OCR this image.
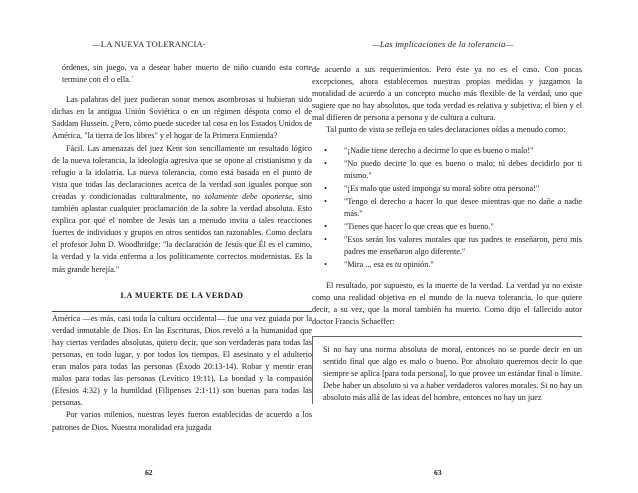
—LA NUEVA TOLERANCIA-

órdenes, sin juego, va a desear haber muerto de niño cuando esta corte termine con él o ella.´

Las palabras del juez pudieran sonar menos asombrosas si hubieran sido dichas en la antigua Unión Soviética o en un régimen déspota como el de Saddam Hussein. ¿Pero, cómo puede suceder tal cosa en los Estados Unidos de América, "la tierra de los libres" y el hogar de la Primera Enmienda?

Fácil. Las amenazas del juez Kent son sencillamente un resultado lógico de la nueva tolerancia, la ideología agresiva que se opone al cristianismo y da refugio a la idolatría. La nueva tolerancia, como está basada en el punto de vista que todas las declaraciones acerca de la verdad son iguales porque son creadas y condicionadas culturalmente, no solamente debe oponerse, sino también aplastar cualquier proclamación de la sobre la verdad absoluta. Esto explica por qué el nombre de Jesús tan a menudo invita a tales reacciones fuertes de individuos y grupos en otros sentidos tan razonables. Como declara el profesor John D. Woodbridge: "la declaración de Jesús que Él es el camino, la verdad y la vida enferma a los políticamente correctos modernistas. Es la más grande herejía."

LA MUERTE DE LA VERDAD

América —es más, casi toda la cultura occidental— fue una vez guiada por la verdad inmutable de Dios. En las Escrituras, Dios reveló a la humanidad que hay ciertas verdades absolutas, quiero decir, que son verdaderas para todas las personas, en todo lugar, y por todos los tiempos. El asesinato y el adulterio eran malos para todas las personas (Éxodo 20:13-14). Robar y mentir eran malos para todas las personas (Levítico 19:11). La bondad y la compasión (Efesios 4:32) y la humildad (Filipenses 2:1-11) son buenas para todas las personas.

Por varios milenios, nuestras leyes fueron establecidas de acuerdo a los patrones de Dios. Nuestra moralidad era juzgada

62
—Las implicaciones de la tolerancia—

de acuerdo a sus requerimientos. Pero éste ya no es el caso. Con pocas excepciones, ahora establecemos nuestras propias medidas y juzgamos la moralidad de acuerdo a un concepto mucho más flexible de la verdad, uno que sugiere que no hay absolutos, que toda verdad es relativa y subjetiva; el bien y el mal difieren de persona a persona y de cultura a cultura.

Tal punto de vista se refleja en tales declaraciones oídas a menudo como:

• "¡Nadie tiene derecho a decirme lo que es bueno o malo!"
• "No puedo decirte lo que es bueno o malo; tú debes decidirlo por ti mismo."
• "¡Es malo que usted imponga su moral sobre otra persona!"
• "Tengo el derecho a hacer lo que desee mientras que no dañe a nadie más."
• "Tienes que hacer lo que creas que es bueno."
• "Esos serán los valores morales que tus padres te enseñaron, pero mis padres me enseñaron algo diferente."
• "Mira ... esa es tu opinión."

El resultado, por supuesto, es la muerte de la verdad. La verdad ya no existe como una realidad objetiva en el mundo de la nueva tolerancia, lo que quiere decir, a su vez, que la moral también ha muerto. Como dijo el fallecido autor doctor Francis Schaeffer:

Si no hay una norma absoluta de moral, entonces no se puede decir en un sentido final que algo es malo o bueno. Por absoluto queremos decir lo que siempre se aplica [para toda persona], lo que provee un estándar final o límite. Debe haber un absoluto si va a haber verdaderos valores morales. Si no hay un absoluto más allá de las ideas del hombre, entonces no hay un juez

63
